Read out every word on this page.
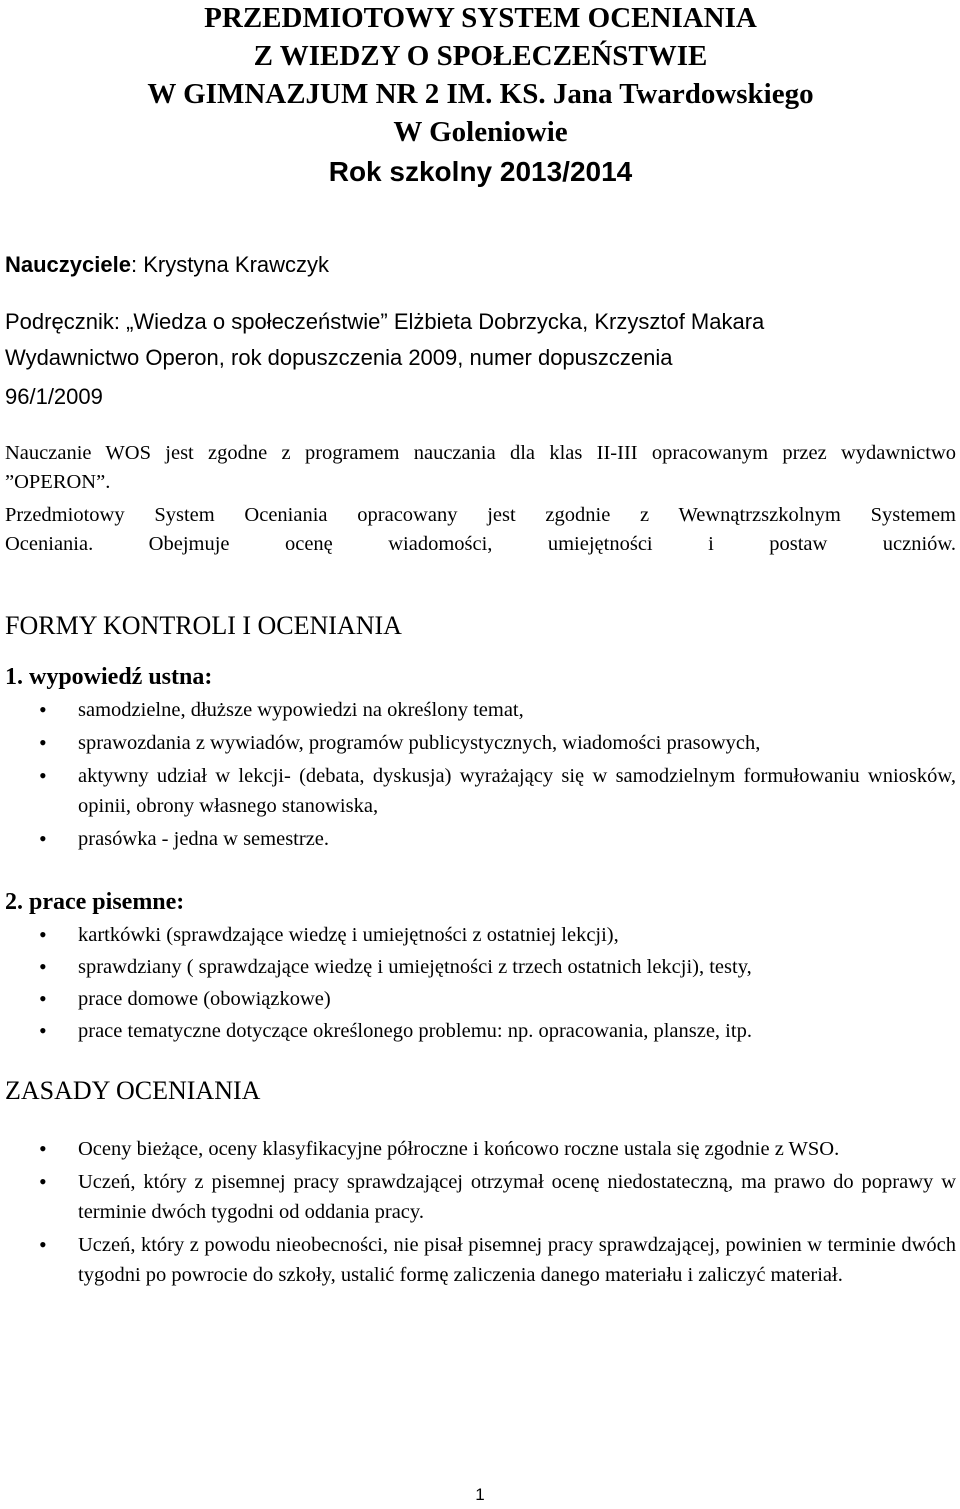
PRZEDMIOTOWY SYSTEM OCENIANIA
Z WIEDZY O SPOŁECZEŃSTWIE
W GIMNAZJUM NR 2 IM. KS. Jana Twardowskiego
W Goleniowie
Rok szkolny 2013/2014

Nauczyciele: Krystyna Krawczyk

Podręcznik: „Wiedza o społeczeństwie” Elżbieta Dobrzycka, Krzysztof Makara

Wydawnictwo Operon, rok dopuszczenia 2009, numer dopuszczenia

96/1/2009

Nauczanie WOS jest zgodne z programem nauczania dla klas II-III opracowanym przez wydawnictwo ”OPERON”.

Przedmiotowy System Oceniania opracowany jest zgodnie z Wewnątrzszkolnym Systemem

Oceniania. Obejmuje ocenę wiadomości, umiejętności i postaw uczniów.

FORMY KONTROLI I OCENIANIA
1. wypowiedź ustna:
• samodzielne, dłuższe wypowiedzi na określony temat,
• sprawozdania z wywiadów, programów publicystycznych, wiadomości prasowych,
• aktywny udział w lekcji- (debata, dyskusja) wyrażający się w samodzielnym formułowaniu wniosków, opinii, obrony własnego stanowiska,
• prasówka - jedna w semestrze.
2. prace pisemne:
• kartkówki (sprawdzające wiedzę i umiejętności z ostatniej lekcji),
• sprawdziany ( sprawdzające wiedzę i umiejętności z trzech ostatnich lekcji), testy,
• prace domowe (obowiązkowe)
• prace tematyczne dotyczące określonego problemu: np. opracowania, plansze, itp.
ZASADY OCENIANIA
• Oceny bieżące, oceny klasyfikacyjne półroczne i końcowo roczne ustala się zgodnie z WSO.
• Uczeń, który z pisemnej pracy sprawdzającej otrzymał ocenę niedostateczną, ma prawo do poprawy w terminie dwóch tygodni od oddania pracy.
• Uczeń, który z powodu nieobecności, nie pisał pisemnej pracy sprawdzającej, powinien w terminie dwóch tygodni po powrocie do szkoły, ustalić formę zaliczenia danego materiału i zaliczyć materiał.
1
